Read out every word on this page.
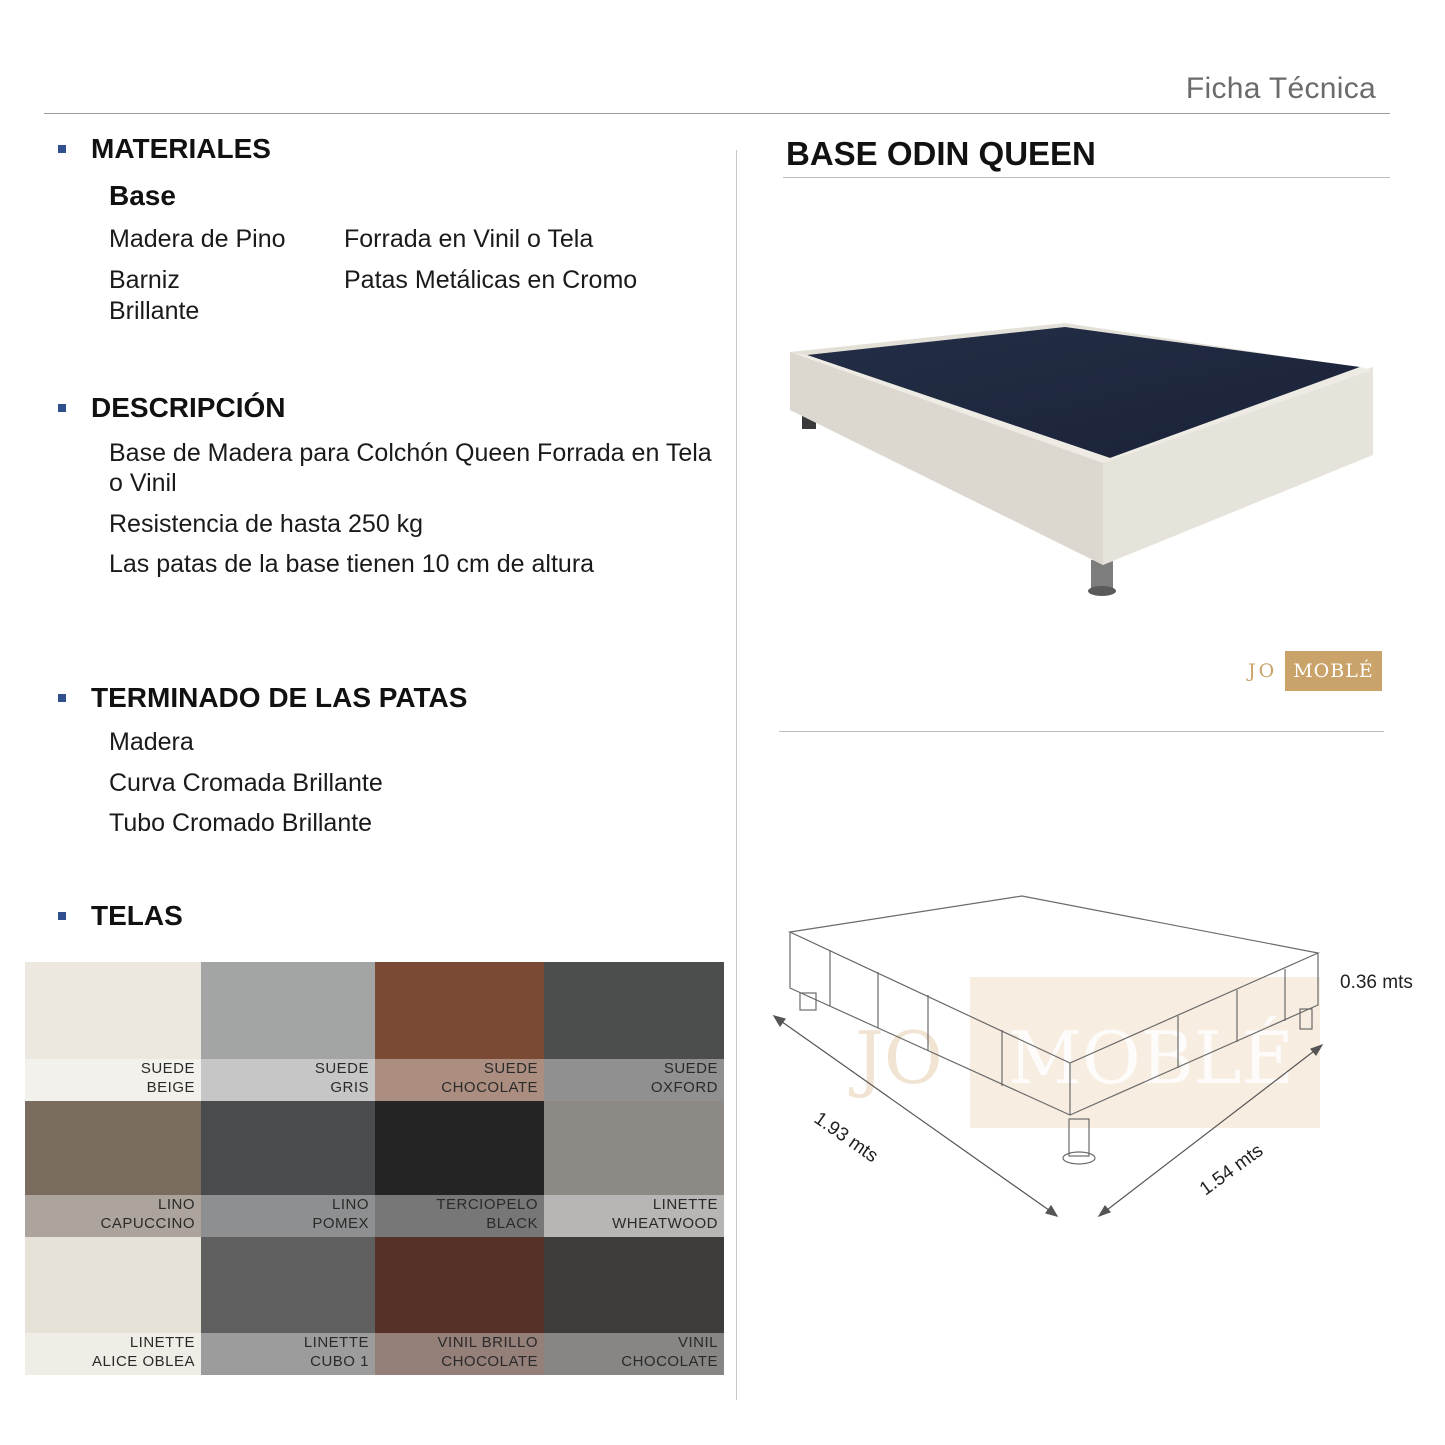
Ficha Técnica
MATERIALES
Base
Madera de Pino
Barniz
Brillante
Forrada en Vinil o Tela
Patas Metálicas en Cromo
DESCRIPCIÓN
Base de Madera para Colchón Queen Forrada en Tela
o Vinil
Resistencia de hasta 250 kg
Las patas de la base tienen 10 cm de altura
TERMINADO DE LAS PATAS
Madera
Curva Cromada Brillante
Tubo Cromado Brillante
TELAS
SUEDE
BEIGE
SUEDE
GRIS
SUEDE
CHOCOLATE
SUEDE
OXFORD
LINO
CAPUCCINO
LINO
POMEX
TERCIOPELO
BLACK
LINETTE
WHEATWOOD
LINETTE
ALICE OBLEA
LINETTE
CUBO 1
VINIL BRILLO
CHOCOLATE
VINIL
CHOCOLATE
BASE ODIN QUEEN
JO MOBLÉ
JO MOBLÉ
0.36 mts
1.93 mts
1.54 mts
